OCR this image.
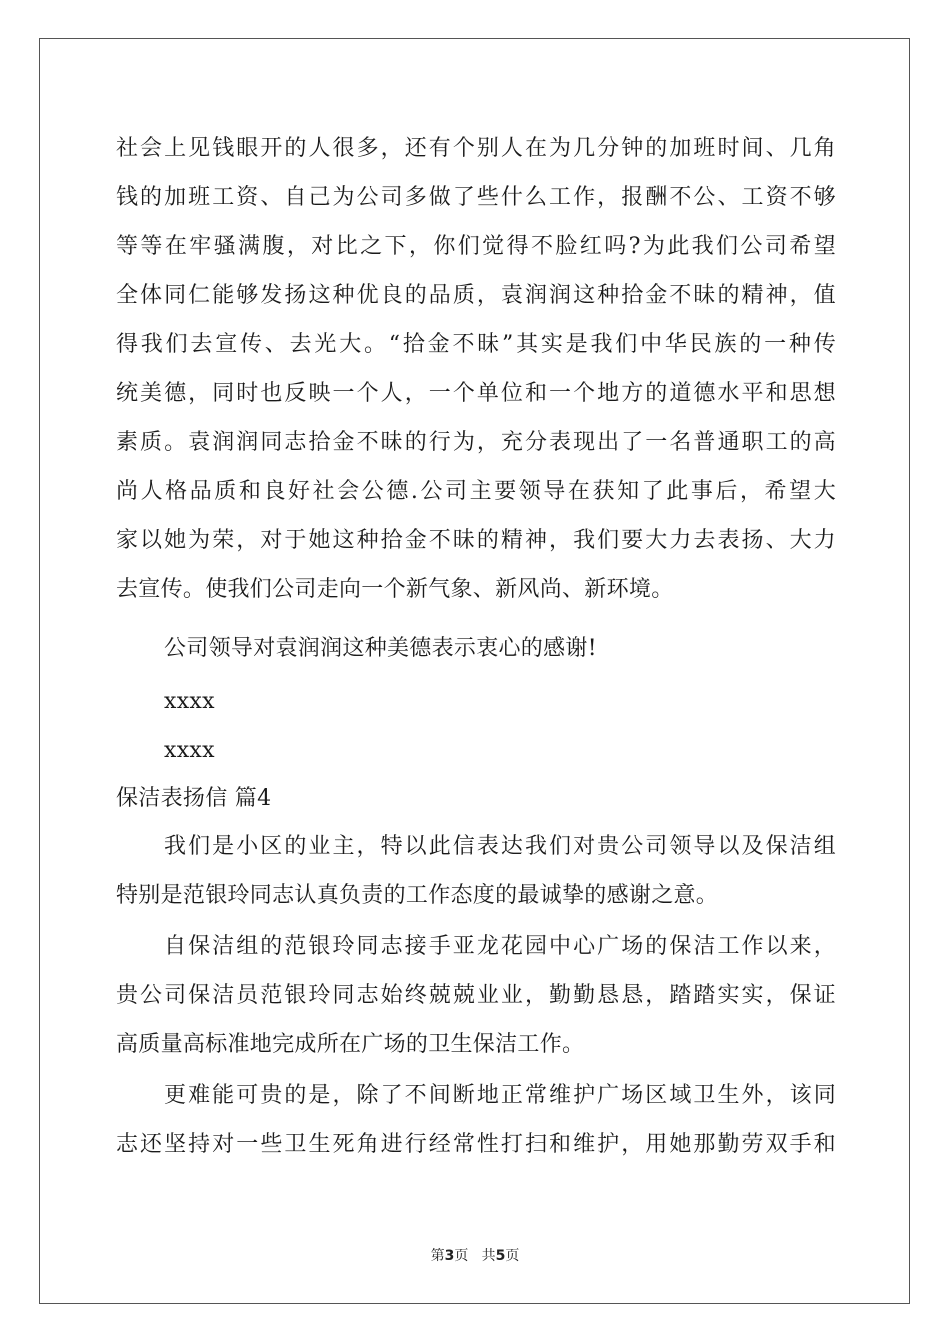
社会上见钱眼开的人很多，还有个别人在为几分钟的加班时间、几角
钱的加班工资、自己为公司多做了些什么工作，报酬不公、工资不够
等等在牢骚满腹，对比之下，你们觉得不脸红吗?为此我们公司希望
全体同仁能够发扬这种优良的品质，袁润润这种拾金不昧的精神，值
得我们去宣传、去光大。“拾金不昧”其实是我们中华民族的一种传
统美德，同时也反映一个人，一个单位和一个地方的道德水平和思想
素质。袁润润同志拾金不昧的行为，充分表现出了一名普通职工的高
尚人格品质和良好社会公德.公司主要领导在获知了此事后，希望大
家以她为荣，对于她这种拾金不昧的精神，我们要大力去表扬、大力
去宣传。使我们公司走向一个新气象、新风尚、新环境。
公司领导对袁润润这种美德表示衷心的感谢!
xxxx
xxxx
保洁表扬信 篇4
我们是小区的业主，特以此信表达我们对贵公司领导以及保洁组
特别是范银玲同志认真负责的工作态度的最诚挚的感谢之意。
自保洁组的范银玲同志接手亚龙花园中心广场的保洁工作以来，
贵公司保洁员范银玲同志始终兢兢业业，勤勤恳恳，踏踏实实，保证
高质量高标准地完成所在广场的卫生保洁工作。
更难能可贵的是，除了不间断地正常维护广场区域卫生外，该同
志还坚持对一些卫生死角进行经常性打扫和维护，用她那勤劳双手和
第3页 共5页
